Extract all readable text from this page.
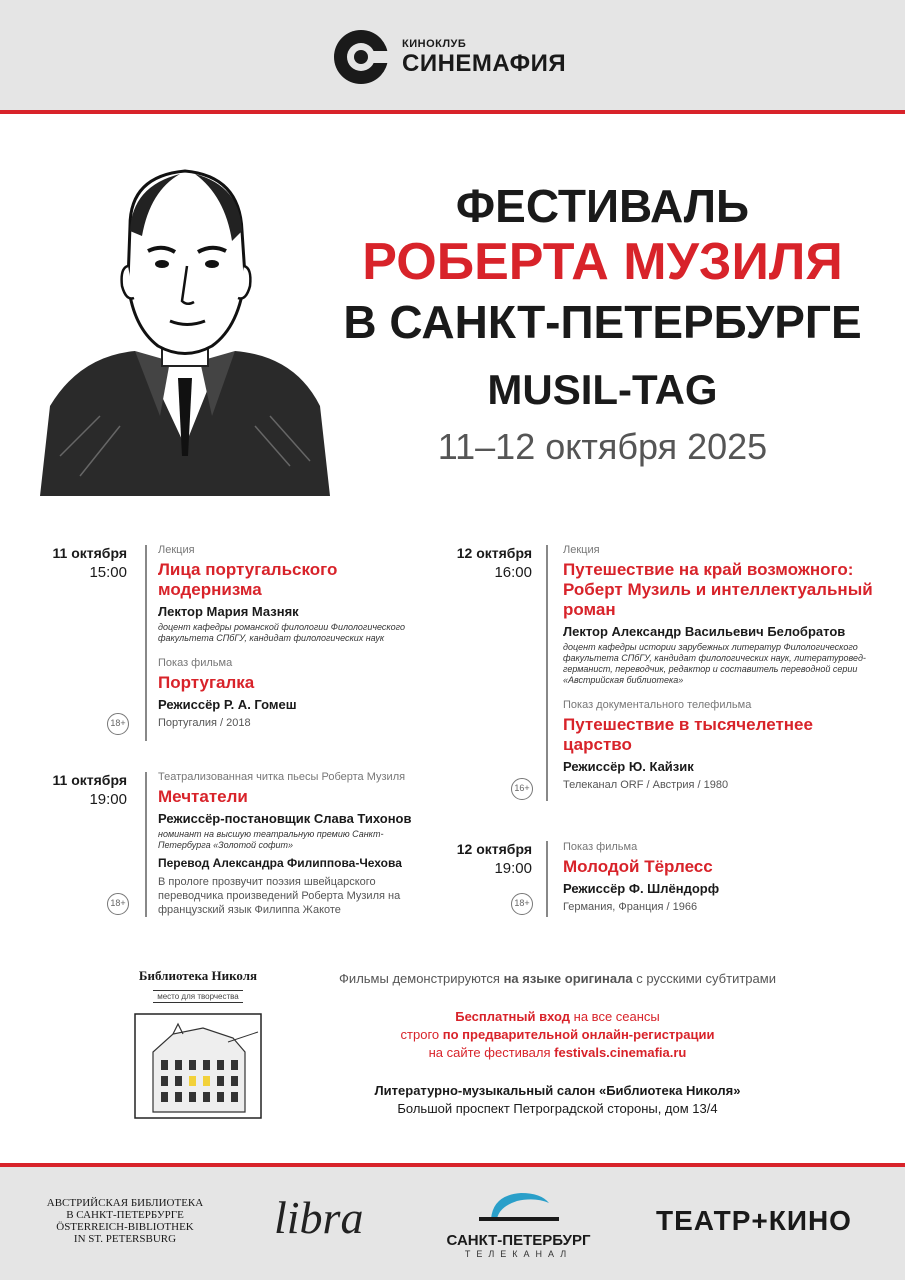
КИНОКЛУБ
СИНЕМАФИЯ
ФЕСТИВАЛЬ
РОБЕРТА МУЗИЛЯ
В САНКТ-ПЕТЕРБУРГЕ
MUSIL-TAG
11–12 октября 2025
11 октября
15:00
18+
Лекция
Лица португальского модернизма
Лектор Мария Мазняк
доцент кафедры романской филологии Филологического факультета СПбГУ, кандидат филологических наук
Показ фильма
Португалка
Режиссёр Р. А. Гомеш
Португалия / 2018
11 октября
19:00
18+
Театрализованная читка пьесы Роберта Музиля
Мечтатели
Режиссёр-постановщик Слава Тихонов
номинант на высшую театральную премию Санкт-Петербурга «Золотой софит»
Перевод Александра Филиппова-Чехова
В прологе прозвучит поэзия швейцарского переводчика произведений Роберта Музиля на французский язык Филиппа Жакоте
12 октября
16:00
16+
Лекция
Путешествие на край возможного: Роберт Музиль и интеллектуальный роман
Лектор Александр Васильевич Белобратов
доцент кафедры истории зарубежных литератур Филологического факультета СПбГУ, кандидат филологических наук, литературовед-германист, переводчик, редактор и составитель переводной серии «Австрийская библиотека»
Показ документального телефильма
Путешествие в тысячелетнее царство
Режиссёр Ю. Кайзик
Телеканал ORF / Австрия / 1980
12 октября
19:00
18+
Показ фильма
Молодой Тёрлесс
Режиссёр Ф. Шлёндорф
Германия, Франция / 1966
Библиотека Николя
место для творчества
Фильмы демонстрируются на языке оригинала с русскими субтитрами
Бесплатный вход на все сеансы
строго по предварительной онлайн-регистрации
на сайте фестиваля festivals.cinemafia.ru
Литературно-музыкальный салон «Библиотека Николя»
Большой проспект Петроградской стороны, дом 13/4
АВСТРИЙСКАЯ БИБЛИОТЕКА
В САНКТ-ПЕТЕРБУРГЕ
ÖSTERREICH-BIBLIOTHEK
IN ST. PETERSBURG	libra	САНКТ-ПЕТЕРБУРГ
ТЕЛЕКАНАЛ
ТЕАТР+КИНО
